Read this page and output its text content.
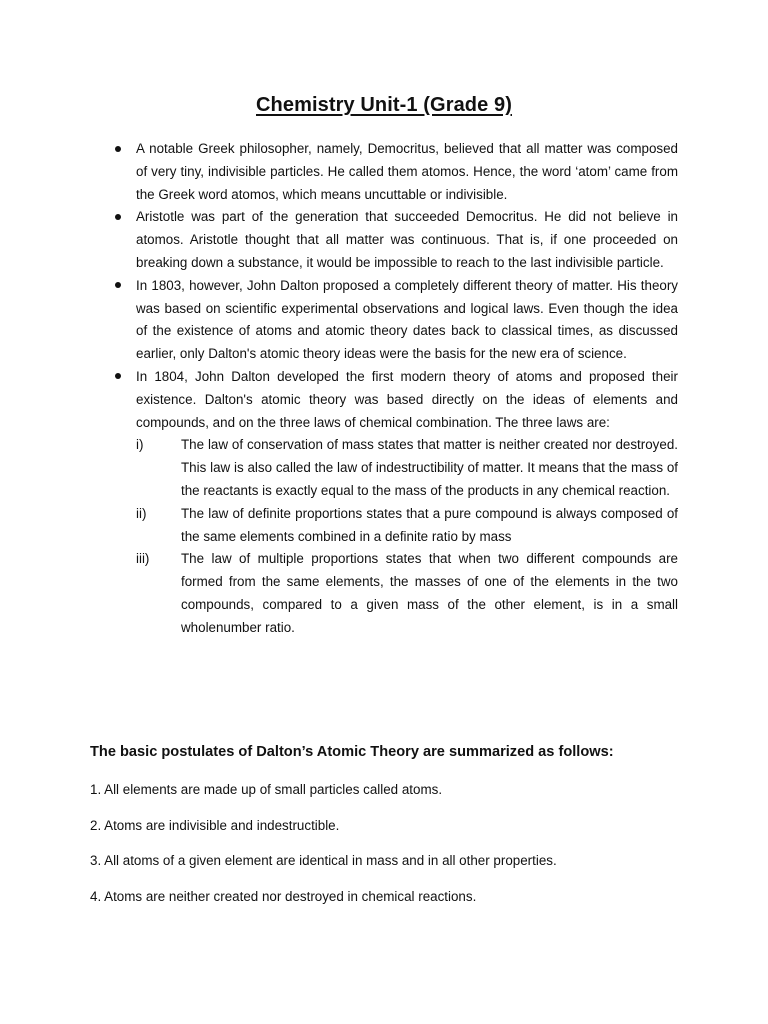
Chemistry Unit-1 (Grade 9)
A notable Greek philosopher, namely, Democritus, believed that all matter was composed of very tiny, indivisible particles. He called them atomos. Hence, the word ‘atom’ came from the Greek word atomos, which means uncuttable or indivisible.
Aristotle was part of the generation that succeeded Democritus. He did not believe in atomos. Aristotle thought that all matter was continuous. That is, if one proceeded on breaking down a substance, it would be impossible to reach to the last indivisible particle.
In 1803, however, John Dalton proposed a completely different theory of matter. His theory was based on scientific experimental observations and logical laws. Even though the idea of the existence of atoms and atomic theory dates back to classical times, as discussed earlier, only Dalton's atomic theory ideas were the basis for the new era of science.
In 1804, John Dalton developed the first modern theory of atoms and proposed their existence. Dalton's atomic theory was based directly on the ideas of elements and compounds, and on the three laws of chemical combination. The three laws are:
i)	The law of conservation of mass states that matter is neither created nor destroyed. This law is also called the law of indestructibility of matter. It means that the mass of the reactants is exactly equal to the mass of the products in any chemical reaction.
ii)	The law of definite proportions states that a pure compound is always composed of the same elements combined in a definite ratio by mass
iii) The law of multiple proportions states that when two different compounds are formed from the same elements, the masses of one of the elements in the two compounds, compared to a given mass of the other element, is in a small wholenumber ratio.
The basic postulates of Dalton’s Atomic Theory are summarized as follows:
1. All elements are made up of small particles called atoms.
2. Atoms are indivisible and indestructible.
3. All atoms of a given element are identical in mass and in all other properties.
4. Atoms are neither created nor destroyed in chemical reactions.
